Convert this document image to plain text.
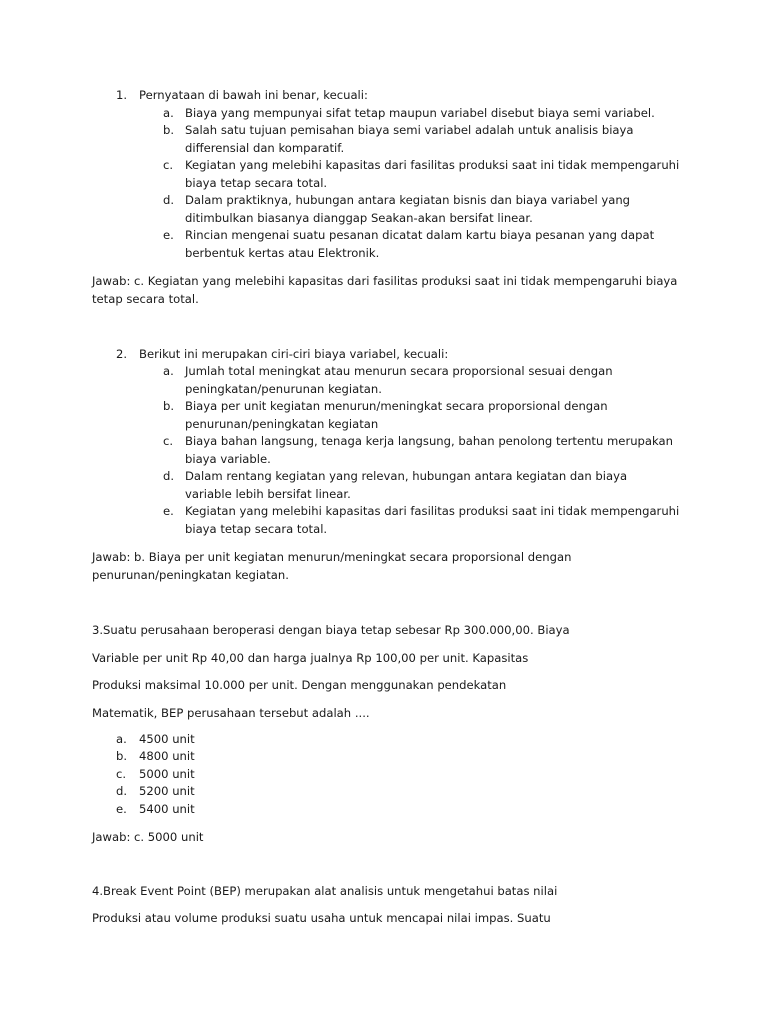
1. Pernyataan di bawah ini benar, kecuali:
a. Biaya yang mempunyai sifat tetap maupun variabel disebut biaya semi variabel.
b. Salah satu tujuan pemisahan biaya semi variabel adalah untuk analisis biaya differensial dan komparatif.
c. Kegiatan yang melebihi kapasitas dari fasilitas produksi saat ini tidak mempengaruhi biaya tetap secara total.
d. Dalam praktiknya, hubungan antara kegiatan bisnis dan biaya variabel yang ditimbulkan biasanya dianggap Seakan-akan bersifat linear.
e. Rincian mengenai suatu pesanan dicatat dalam kartu biaya pesanan yang dapat berbentuk kertas atau Elektronik.
Jawab: c. Kegiatan yang melebihi kapasitas dari fasilitas produksi saat ini tidak mempengaruhi biaya tetap secara total.
2. Berikut ini merupakan ciri-ciri biaya variabel, kecuali:
a. Jumlah total meningkat atau menurun secara proporsional sesuai dengan peningkatan/penurunan kegiatan.
b. Biaya per unit kegiatan menurun/meningkat secara proporsional dengan penurunan/peningkatan kegiatan
c. Biaya bahan langsung, tenaga kerja langsung, bahan penolong tertentu merupakan biaya variable.
d. Dalam rentang kegiatan yang relevan, hubungan antara kegiatan dan biaya variable lebih bersifat linear.
e. Kegiatan yang melebihi kapasitas dari fasilitas produksi saat ini tidak mempengaruhi biaya tetap secara total.
Jawab: b. Biaya per unit kegiatan menurun/meningkat secara proporsional dengan penurunan/peningkatan kegiatan.
3.Suatu perusahaan beroperasi dengan biaya tetap sebesar Rp 300.000,00. Biaya
Variable per unit Rp 40,00 dan harga jualnya Rp 100,00 per unit. Kapasitas
Produksi maksimal 10.000 per unit. Dengan menggunakan pendekatan
Matematik, BEP perusahaan tersebut adalah ....
a. 4500 unit
b. 4800 unit
c. 5000 unit
d. 5200 unit
e. 5400 unit
Jawab: c. 5000 unit
4.Break Event Point (BEP) merupakan alat analisis untuk mengetahui batas nilai
Produksi atau volume produksi suatu usaha untuk mencapai nilai impas. Suatu
